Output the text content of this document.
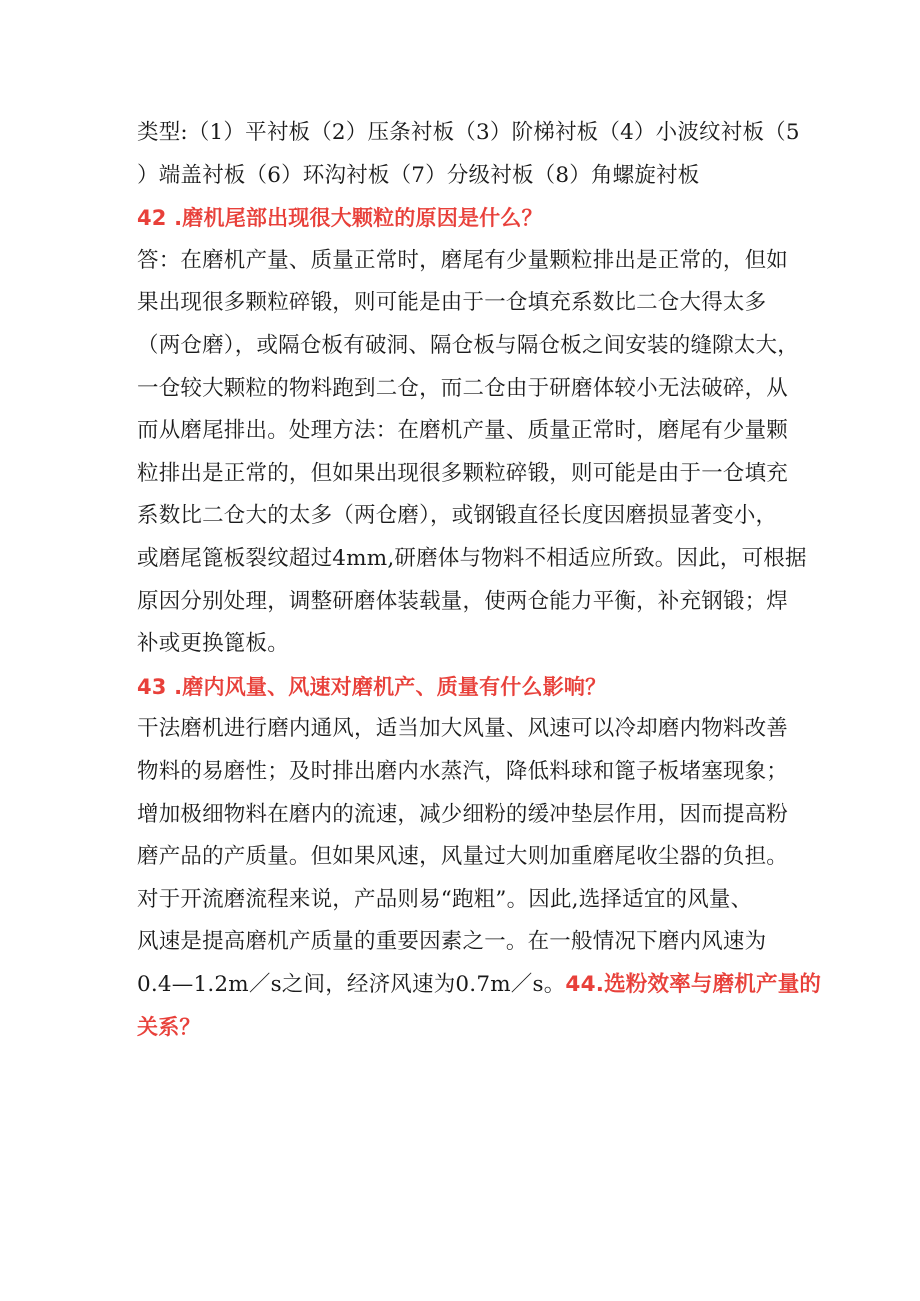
类型:（1）平衬板（2）压条衬板（3）阶梯衬板（4）小波纹衬板（5
）端盖衬板（6）环沟衬板（7）分级衬板（8）角螺旋衬板
42 .磨机尾部出现很大颗粒的原因是什么？
答：在磨机产量、质量正常时，磨尾有少量颗粒排出是正常的，但如
果出现很多颗粒碎锻，则可能是由于一仓填充系数比二仓大得太多
（两仓磨），或隔仓板有破洞、隔仓板与隔仓板之间安装的缝隙太大，
一仓较大颗粒的物料跑到二仓，而二仓由于研磨体较小无法破碎，从
而从磨尾排出。处理方法：在磨机产量、质量正常时，磨尾有少量颗
粒排出是正常的，但如果出现很多颗粒碎锻，则可能是由于一仓填充
系数比二仓大的太多（两仓磨），或钢锻直径长度因磨损显著变小，
或磨尾篦板裂纹超过4mm,研磨体与物料不相适应所致。因此，可根据
原因分别处理，调整研磨体装载量，使两仓能力平衡，补充钢锻；焊
补或更换篦板。
43 .磨内风量、风速对磨机产、质量有什么影响？
干法磨机进行磨内通风，适当加大风量、风速可以冷却磨内物料改善
物料的易磨性；及时排出磨内水蒸汽，降低料球和篦子板堵塞现象；
增加极细物料在磨内的流速，减少细粉的缓冲垫层作用，因而提高粉
磨产品的产质量。但如果风速，风量过大则加重磨尾收尘器的负担。
对于开流磨流程来说，产品则易“跑粗”。因此,选择适宜的风量、
风速是提高磨机产质量的重要因素之一。在一般情况下磨内风速为
0.4—1.2m／s之间，经济风速为0.7m／s。44.选粉效率与磨机产量的
关系？
